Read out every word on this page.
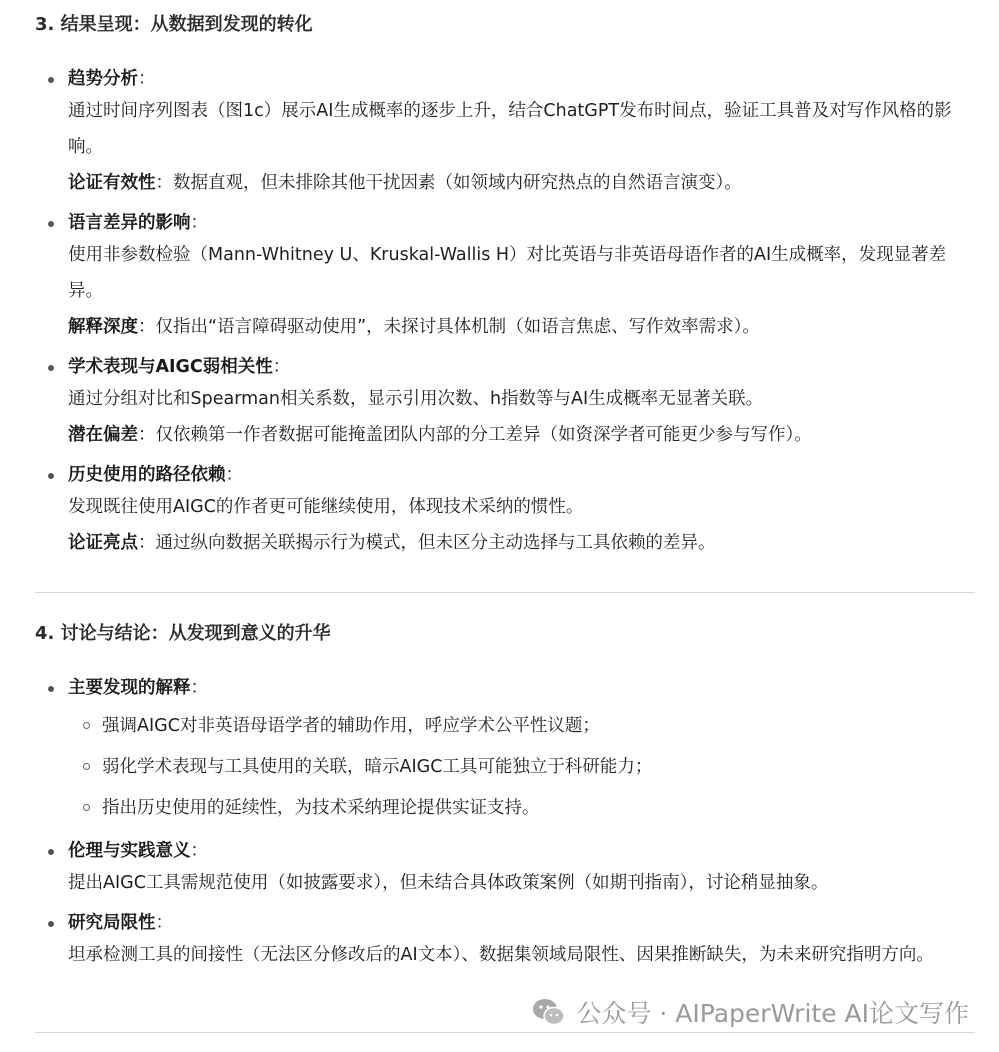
3. 结果呈现：从数据到发现的转化
趋势分析：
通过时间序列图表（图1c）展示AI生成概率的逐步上升，结合ChatGPT发布时间点，验证工具普及对写作风格的影响。
论证有效性：数据直观，但未排除其他干扰因素（如领域内研究热点的自然语言演变）。
语言差异的影响：
使用非参数检验（Mann-Whitney U、Kruskal-Wallis H）对比英语与非英语母语作者的AI生成概率，发现显著差异。
解释深度：仅指出“语言障碍驱动使用”，未探讨具体机制（如语言焦虑、写作效率需求）。
学术表现与AIGC弱相关性：
通过分组对比和Spearman相关系数，显示引用次数、h指数等与AI生成概率无显著关联。
潜在偏差：仅依赖第一作者数据可能掩盖团队内部的分工差异（如资深学者可能更少参与写作）。
历史使用的路径依赖：
发现既往使用AIGC的作者更可能继续使用，体现技术采纳的惯性。
论证亮点：通过纵向数据关联揭示行为模式，但未区分主动选择与工具依赖的差异。
4. 讨论与结论：从发现到意义的升华
主要发现的解释：
强调AIGC对非英语母语学者的辅助作用，呼应学术公平性议题；
弱化学术表现与工具使用的关联，暗示AIGC工具可能独立于科研能力；
指出历史使用的延续性，为技术采纳理论提供实证支持。
伦理与实践意义：
提出AIGC工具需规范使用（如披露要求），但未结合具体政策案例（如期刊指南），讨论稍显抽象。
研究局限性：
坦承检测工具的间接性（无法区分修改后的AI文本）、数据集领域局限性、因果推断缺失，为未来研究指明方向。
公众号 · AIPaperWrite AI论文写作
